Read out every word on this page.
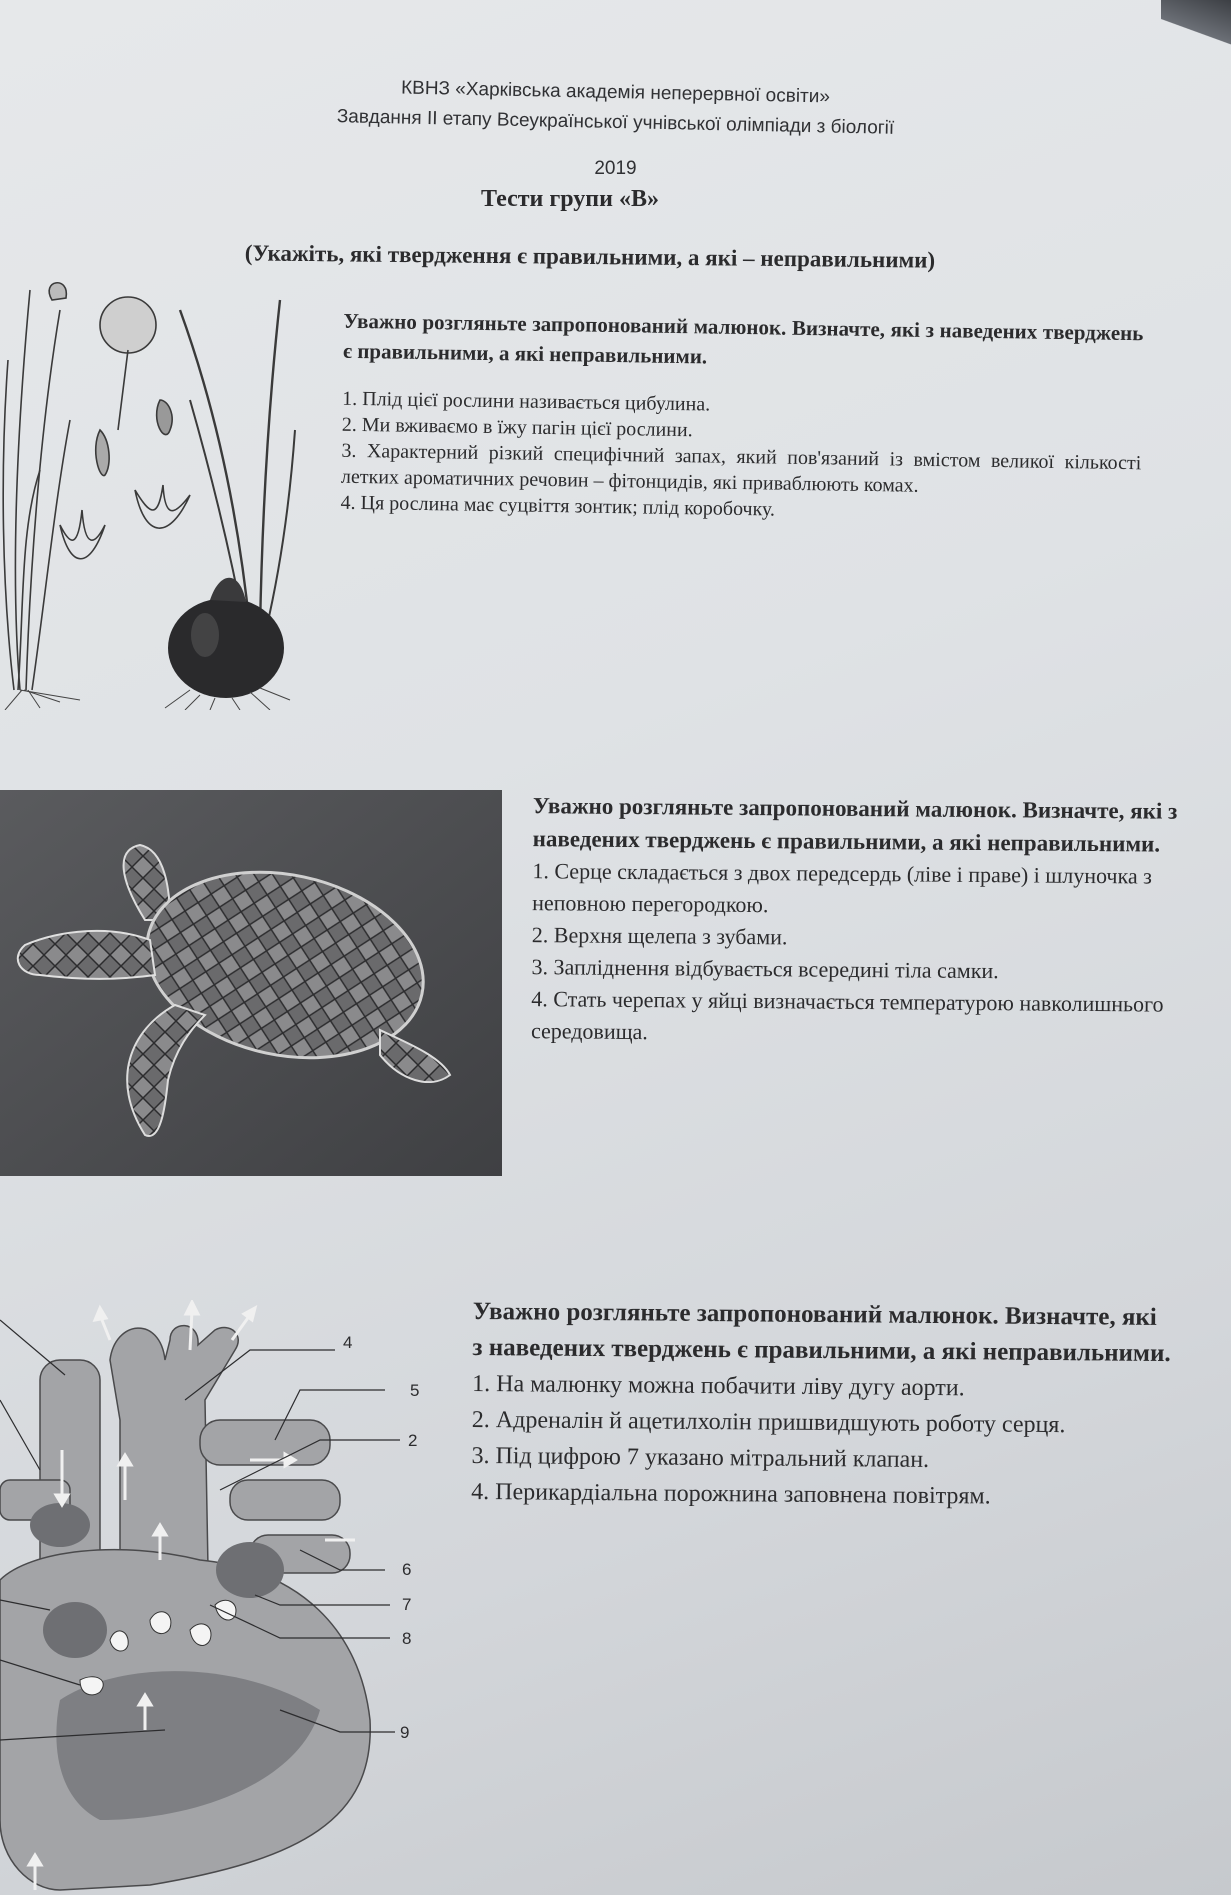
КВНЗ «Харківська академія неперервної освіти»
Завдання ІІ етапу Всеукраїнської учнівської олімпіади з біології
2019
Тести групи «В»
(Укажіть, які твердження є правильними, а які – неправильними)
Уважно розгляньте запропонований малюнок. Визначте, які з наведених тверджень є правильними, а які неправильними.
1. Плід цієї рослини називається цибулина.
2. Ми вживаємо в їжу пагін цієї рослини.
3. Характерний різкий специфічний запах, який пов'язаний із вмістом великої кількості летких ароматичних речовин – фітонцидів, які приваблюють комах.
4. Ця рослина має суцвіття зонтик; плід коробочку.
Уважно розгляньте запропонований малюнок. Визначте, які з наведених тверджень є правильними, а які неправильними.
1. Серце складається з двох передсердь (ліве і праве) і шлуночка з неповною перегородкою.
2. Верхня щелепа з зубами.
3. Запліднення відбувається всередині тіла самки.
4. Стать черепах у яйці визначається температурою навколишнього середовища.
4
5
2
6
7
8
9
Уважно розгляньте запропонований малюнок. Визначте, які з наведених тверджень є правильними, а які неправильними.
1. На малюнку можна побачити ліву дугу аорти.
2. Адреналін й ацетилхолін пришвидшують роботу серця.
3. Під цифрою 7 указано мітральний клапан.
4. Перикардіальна порожнина заповнена повітрям.
